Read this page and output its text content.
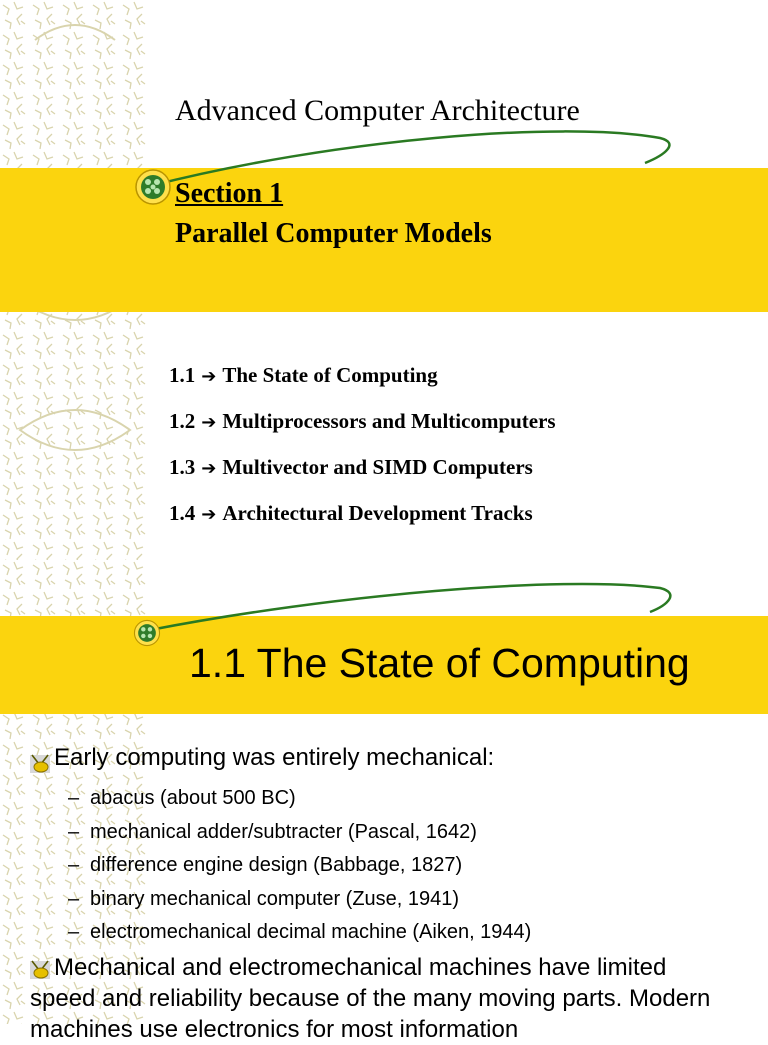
Advanced Computer Architecture
Section 1
Parallel Computer Models
1.1 ➔ The State of Computing
1.2 ➔ Multiprocessors and Multicomputers
1.3 ➔ Multivector and SIMD Computers
1.4 ➔ Architectural Development Tracks
1.1 The State of Computing
Early computing was entirely mechanical:
– abacus (about 500 BC)
– mechanical adder/subtracter (Pascal, 1642)
– difference engine design (Babbage, 1827)
– binary mechanical computer (Zuse, 1941)
– electromechanical decimal machine (Aiken, 1944)
Mechanical and electromechanical machines have limited speed and reliability because of the many moving parts. Modern machines use electronics for most information
